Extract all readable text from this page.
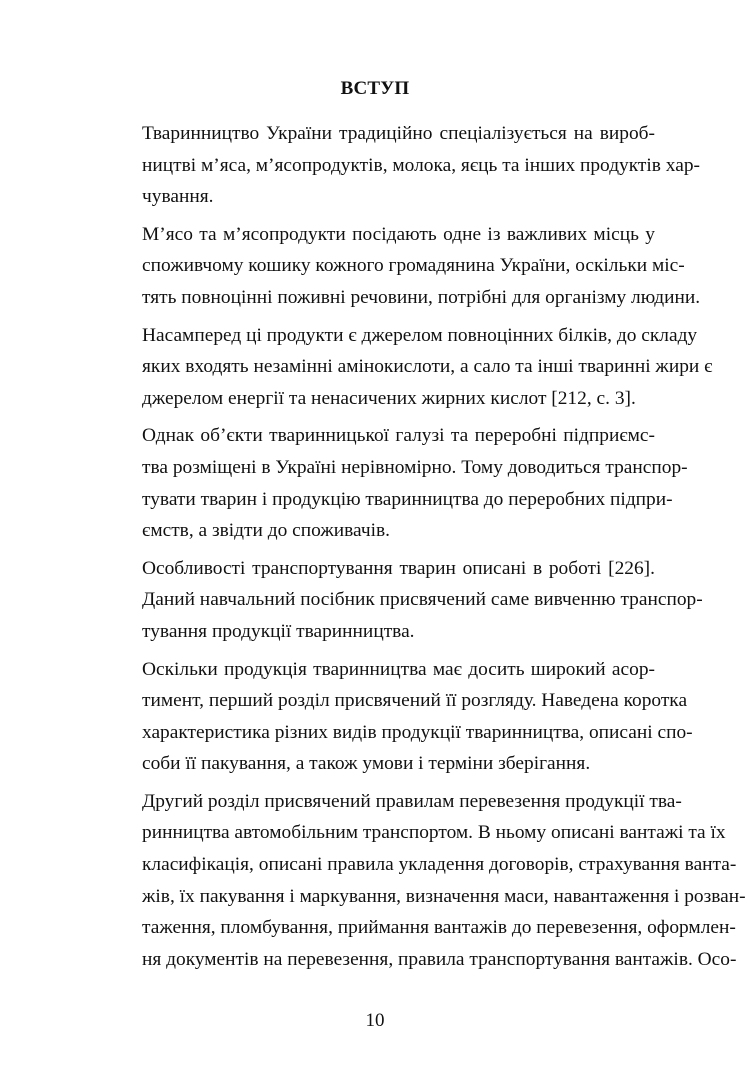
ВСТУП

Тваринництво України традиційно спеціалізується на вироб-
ництві м’яса, м’ясопродуктів, молока, яєць та інших продуктів хар-
чування.

М’ясо та м’ясопродукти посідають одне із важливих місць у
споживчому кошику кожного громадянина України, оскільки міс-
тять повноцінні поживні речовини, потрібні для організму людини.

Насамперед ці продукти є джерелом повноцінних білків, до складу
яких входять незамінні амінокислоти, а сало та інші тваринні жири є
джерелом енергії та ненасичених жирних кислот [212, с. 3].

Однак об’єкти тваринницької галузі та переробні підприємс-
тва розміщені в Україні нерівномірно. Тому доводиться транспор-
тувати тварин і продукцію тваринництва до переробних підпри-
ємств, а звідти до споживачів.

Особливості транспортування тварин описані в роботі [226].
Даний навчальний посібник присвячений саме вивченню транспор-
тування продукції тваринництва.

Оскільки продукція тваринництва має досить широкий асор-
тимент, перший розділ присвячений її розгляду. Наведена коротка
характеристика різних видів продукції тваринництва, описані спо-
соби її пакування, а також умови і терміни зберігання.

Другий розділ присвячений правилам перевезення продукції тва-
ринництва автомобільним транспортом. В ньому описані вантажі та їх
класифікація, описані правила укладення договорів, страхування ванта-
жів, їх пакування і маркування, визначення маси, навантаження і розван-
таження, пломбування, приймання вантажів до перевезення, оформлен-
ня документів на перевезення, правила транспортування вантажів. Осо-

10
